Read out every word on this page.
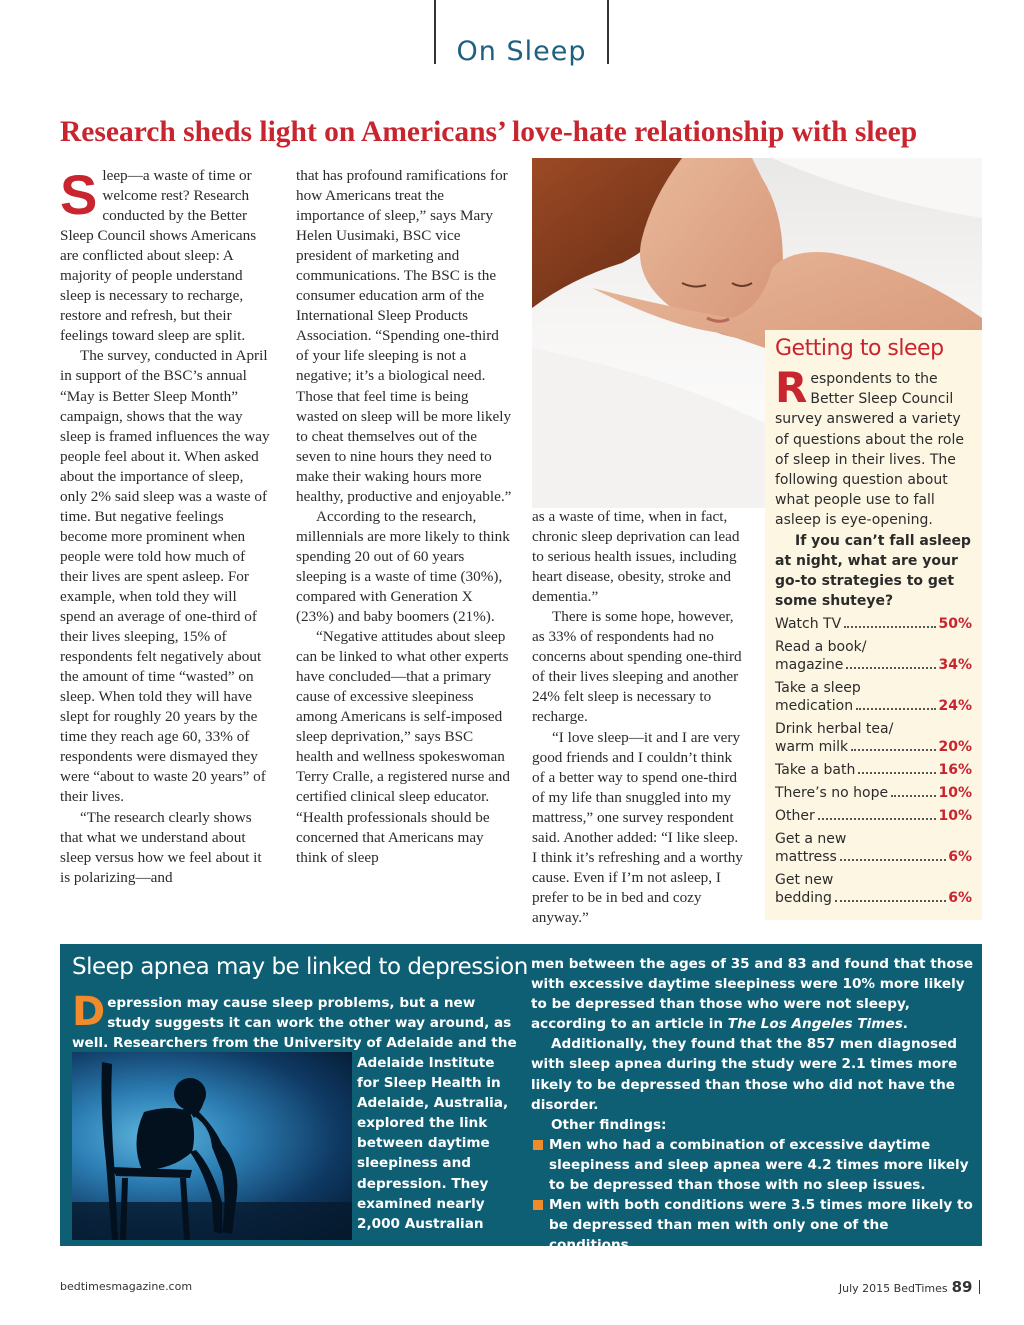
On Sleep
Research sheds light on Americans’ love-hate relationship with sleep

Sleep—a waste of time or welcome rest? Research conducted by the Better Sleep Council shows Americans are conflicted about sleep: A majority of people understand sleep is necessary to recharge, restore and refresh, but their feelings toward sleep are split.

The survey, conducted in April in support of the BSC’s annual “May is Better Sleep Month” campaign, shows that the way sleep is framed influences the way people feel about it. When asked about the importance of sleep, only 2% said sleep was a waste of time. But negative feelings become more prominent when people were told how much of their lives are spent asleep. For example, when told they will spend an average of one-third of their lives sleeping, 15% of respondents felt negatively about the amount of time “wasted” on sleep. When told they will have slept for roughly 20 years by the time they reach age 60, 33% of respondents were dismayed they were “about to waste 20 years” of their lives.

“The research clearly shows that what we understand about sleep versus how we feel about it is polarizing—and

that has profound ramifications for how Americans treat the importance of sleep,” says Mary Helen Uusimaki, BSC vice president of marketing and communications. The BSC is the consumer education arm of the International Sleep Products Association. “Spending one-third of your life sleeping is not a negative; it’s a biological need. Those that feel time is being wasted on sleep will be more likely to cheat themselves out of the seven to nine hours they need to make their waking hours more healthy, productive and enjoyable.”

According to the research, millennials are more likely to think spending 20 out of 60 years sleeping is a waste of time (30%), compared with Generation X (23%) and baby boomers (21%).

“Negative attitudes about sleep can be linked to what other experts have concluded—that a primary cause of excessive sleepiness among Americans is self-imposed sleep deprivation,” says BSC health and wellness spokeswoman Terry Cralle, a registered nurse and certified clinical sleep educator. “Health professionals should be concerned that Americans may think of sleep

as a waste of time, when in fact, chronic sleep deprivation can lead to serious health issues, including heart disease, obesity, stroke and dementia.”

There is some hope, however, as 33% of respondents had no concerns about spending one-third of their lives sleeping and another 24% felt sleep is necessary to recharge.

“I love sleep—it and I are very good friends and I couldn’t think of a better way to spend one-third of my life than snuggled into my mattress,” one survey respondent said. Another added: “I like sleep. I think it’s refreshing and a worthy cause. Even if I’m not asleep, I prefer to be in bed and cozy anyway.”

Getting to sleep

Respondents to the Better Sleep Council survey answered a variety of questions about the role of sleep in their lives. The following question about what people use to fall asleep is eye-opening.

If you can’t fall asleep at night, what are your go-to strategies to get some shuteye?

Watch TV	50%
Read a book/
magazine	34%
Take a sleep
medication	24%
Drink herbal tea/
warm milk	20%
Take a bath	16%
There’s no hope	10%
Other	10%
Get a new
mattress	6%
Get new
bedding	6%
Sleep apnea may be linked to depression

Depression may cause sleep problems, but a new study suggests it can work the other way around, as well. Researchers from the University of Adelaide and the

Adelaide Institute for Sleep Health in Adelaide, Australia, explored the link between daytime sleepiness and depression. They examined nearly 2,000 Australian

men between the ages of 35 and 83 and found that those with excessive daytime sleepiness were 10% more likely to be depressed than those who were not sleepy, according to an article in The Los Angeles Times.

Additionally, they found that the 857 men diagnosed with sleep apnea during the study were 2.1 times more likely to be depressed than those who did not have the disorder.

Other findings:

Men who had a combination of excessive daytime sleepiness and sleep apnea were 4.2 times more likely to be depressed than those with no sleep issues.
Men with both conditions were 3.5 times more likely to be depressed than men with only one of the conditions.
bedtimesmagazine.com	July 2015 BedTimes 89
